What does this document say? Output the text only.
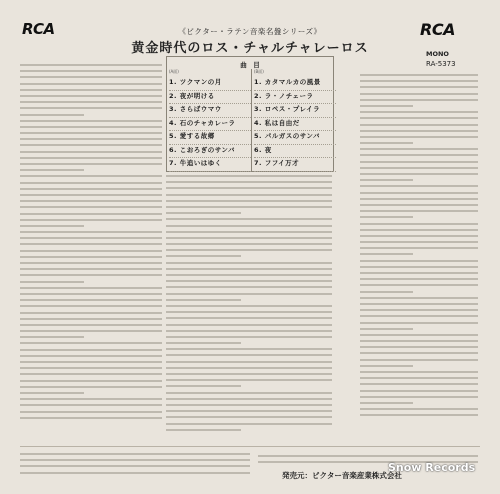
RCA	RCA
MONO
RA-5373
《ビクター・ラテン音楽名盤シリーズ》
黄金時代のロス・チャルチャレーロス
曲　目
(A面)
1. ツクマンの月
2. 夜が明ける
3. さらばウマウ
4. 石のチャカレーラ
5. 愛する故郷
6. こおろぎのサンバ
7. 牛追いはゆく
(B面)
1. カタマルカの風景
2. ラ・ノチェーラ
3. ロペス・プレイラ
4. 私は自由だ
5. パルガスのサンバ
6. 夜
7. フフイ万才
発売元：ビクター音楽産業株式会社
Snow Records
